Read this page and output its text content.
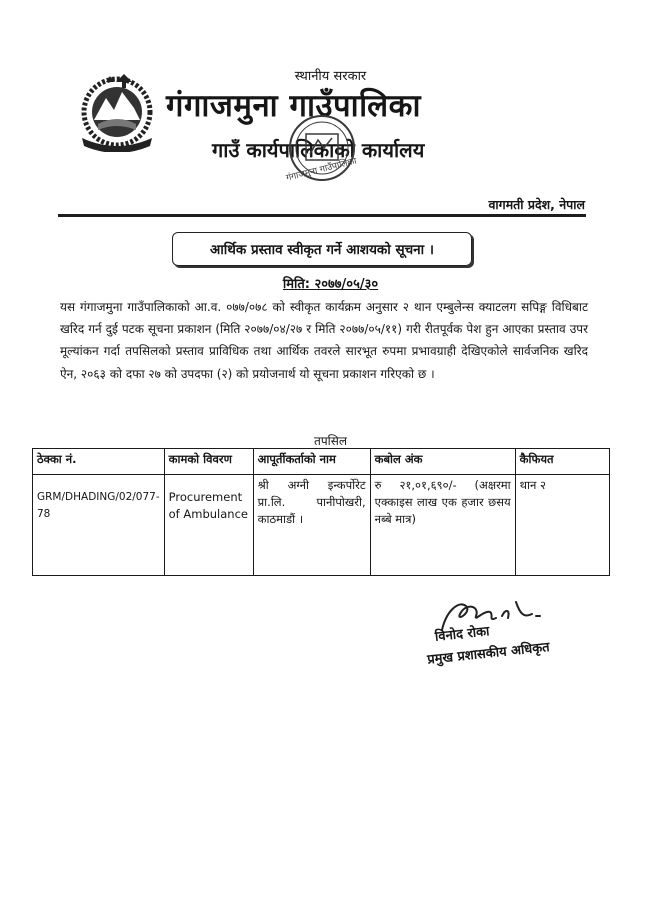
स्थानीय सरकार
गंगाजमुना गाउँपालिका
गाउँ कार्यपालिकाको कार्यालय
वागमती प्रदेश, नेपाल
गंगाजमुना गाउँपालिका
आर्थिक प्रस्ताव स्वीकृत गर्ने आशयको सूचना ।
मिति: २०७७/०५/३०
यस गंगाजमुना गाउँपालिकाको आ.व. ०७७/०७८ को स्वीकृत कार्यक्रम अनुसार २ थान एम्बुलेन्स क्याटलग सपिङ्ग विधिबाट खरिद गर्न दुई पटक सूचना प्रकाशन (मिति २०७७/०४/२७ र मिति २०७७/०५/११) गरी रीतपूर्वक पेश हुन आएका प्रस्ताव उपर मूल्यांकन गर्दा तपसिलको प्रस्ताव प्राविधिक तथा आर्थिक तवरले सारभूत रुपमा प्रभावग्राही देखिएकोले सार्वजनिक खरिद ऐन, २०६३ को दफा २७ को उपदफा (२) को प्रयोजनार्थ यो सूचना प्रकाशन गरिएको छ ।
तपसिल
ठेक्का नं.	कामको विवरण	आपूर्तीकर्ताको नाम	कबोल अंक	कैफियत
GRM/DHADING/02/077-78	Procurement of Ambulance	श्री अग्नी इन्कर्पोरेट प्रा.लि. पानीपोखरी, काठमाडौं ।	रु २१,०१,६९०/- (अक्षरमा एक्काइस लाख एक हजार छसय नब्बे मात्र)	थान २
विनोद रोका
प्रमुख प्रशासकीय अधिकृत
